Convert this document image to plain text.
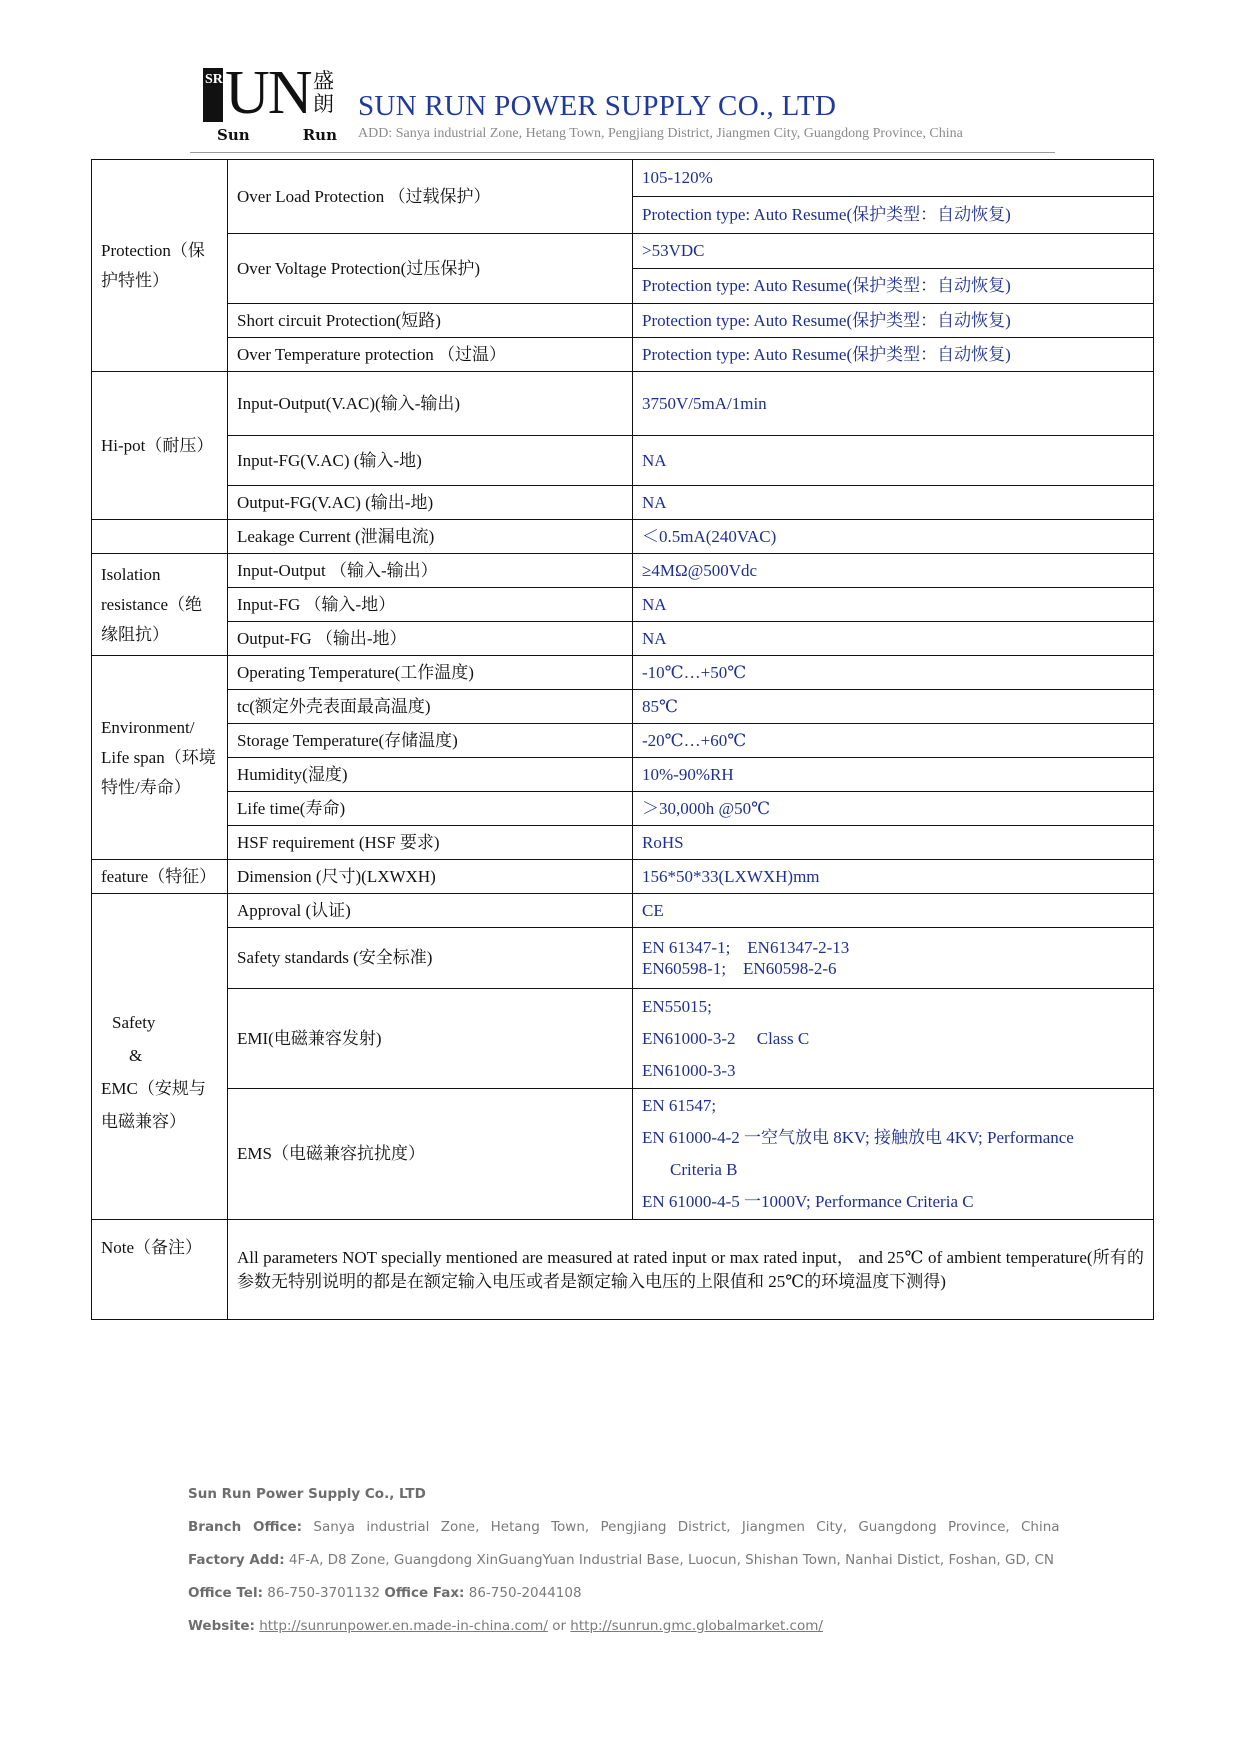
SR UN 盛朗
Sun	Run
SUN RUN POWER SUPPLY CO., LTD
ADD: Sanya industrial Zone, Hetang Town, Pengjiang District, Jiangmen City, Guangdong Province, China
Protection（保护特性）	Over Load Protection （过载保护）	105-120%
		Protection type: Auto Resume(保护类型：自动恢复)
	Over Voltage Protection(过压保护)	>53VDC
		Protection type: Auto Resume(保护类型：自动恢复)
	Short circuit Protection(短路)	Protection type: Auto Resume(保护类型：自动恢复)
	Over Temperature protection （过温）	Protection type: Auto Resume(保护类型：自动恢复)
Hi-pot（耐压）	Input-Output(V.AC)(输入-输出)	3750V/5mA/1min
	Input-FG(V.AC) (输入-地)	NA
	Output-FG(V.AC) (输出-地)	NA
	Leakage Current (泄漏电流)	＜0.5mA(240VAC)

Isolation resistance（绝缘阻抗）	Input-Output （输入-输出）	≥4MΩ@500Vdc
	Input-FG （输入-地）	NA
	Output-FG （输出-地）	NA

Environment/ Life span（环境特性/寿命）	Operating Temperature(工作温度)	-10℃…+50℃
	tc(额定外壳表面最高温度)	85℃
	Storage Temperature(存储温度)	-20℃…+60℃
	Humidity(湿度)	10%-90%RH
	Life time(寿命)	＞30,000h @50℃
	HSF requirement (HSF 要求)	RoHS
feature（特征）	Dimension (尺寸)(LXWXH)	156*50*33(LXWXH)mm

Safety
&
EMC（安规与电磁兼容）	Approval (认证)	CE
	Safety standards (安全标准)	EN 61347-1;    EN61347-2-13
EN60598-1;    EN60598-2-6

	EMI(电磁兼容发射)	EN55015;
EN61000-3-2     Class C
EN61000-3-3

	EMS（电磁兼容抗扰度）	EN 61547;
EN 61000-4-2 一空气放电 8KV; 接触放电 4KV; Performance
Criteria B
EN 61000-4-5 一1000V; Performance Criteria C

Note（备注）	All parameters NOT specially mentioned are measured at rated input or max rated input， and 25℃ of ambient temperature(所有的参数无特别说明的都是在额定输入电压或者是额定输入电压的上限值和 25℃的环境温度下测得)	
Sun Run Power Supply Co., LTD
Branch Office: Sanya industrial Zone, Hetang Town, Pengjiang District, Jiangmen City, Guangdong Province, China
Factory Add: 4F-A, D8 Zone, Guangdong XinGuangYuan Industrial Base, Luocun, Shishan Town, Nanhai Distict, Foshan, GD, CN
Office Tel: 86-750-3701132 Office Fax: 86-750-2044108
Website: http://sunrunpower.en.made-in-china.com/ or http://sunrun.gmc.globalmarket.com/
